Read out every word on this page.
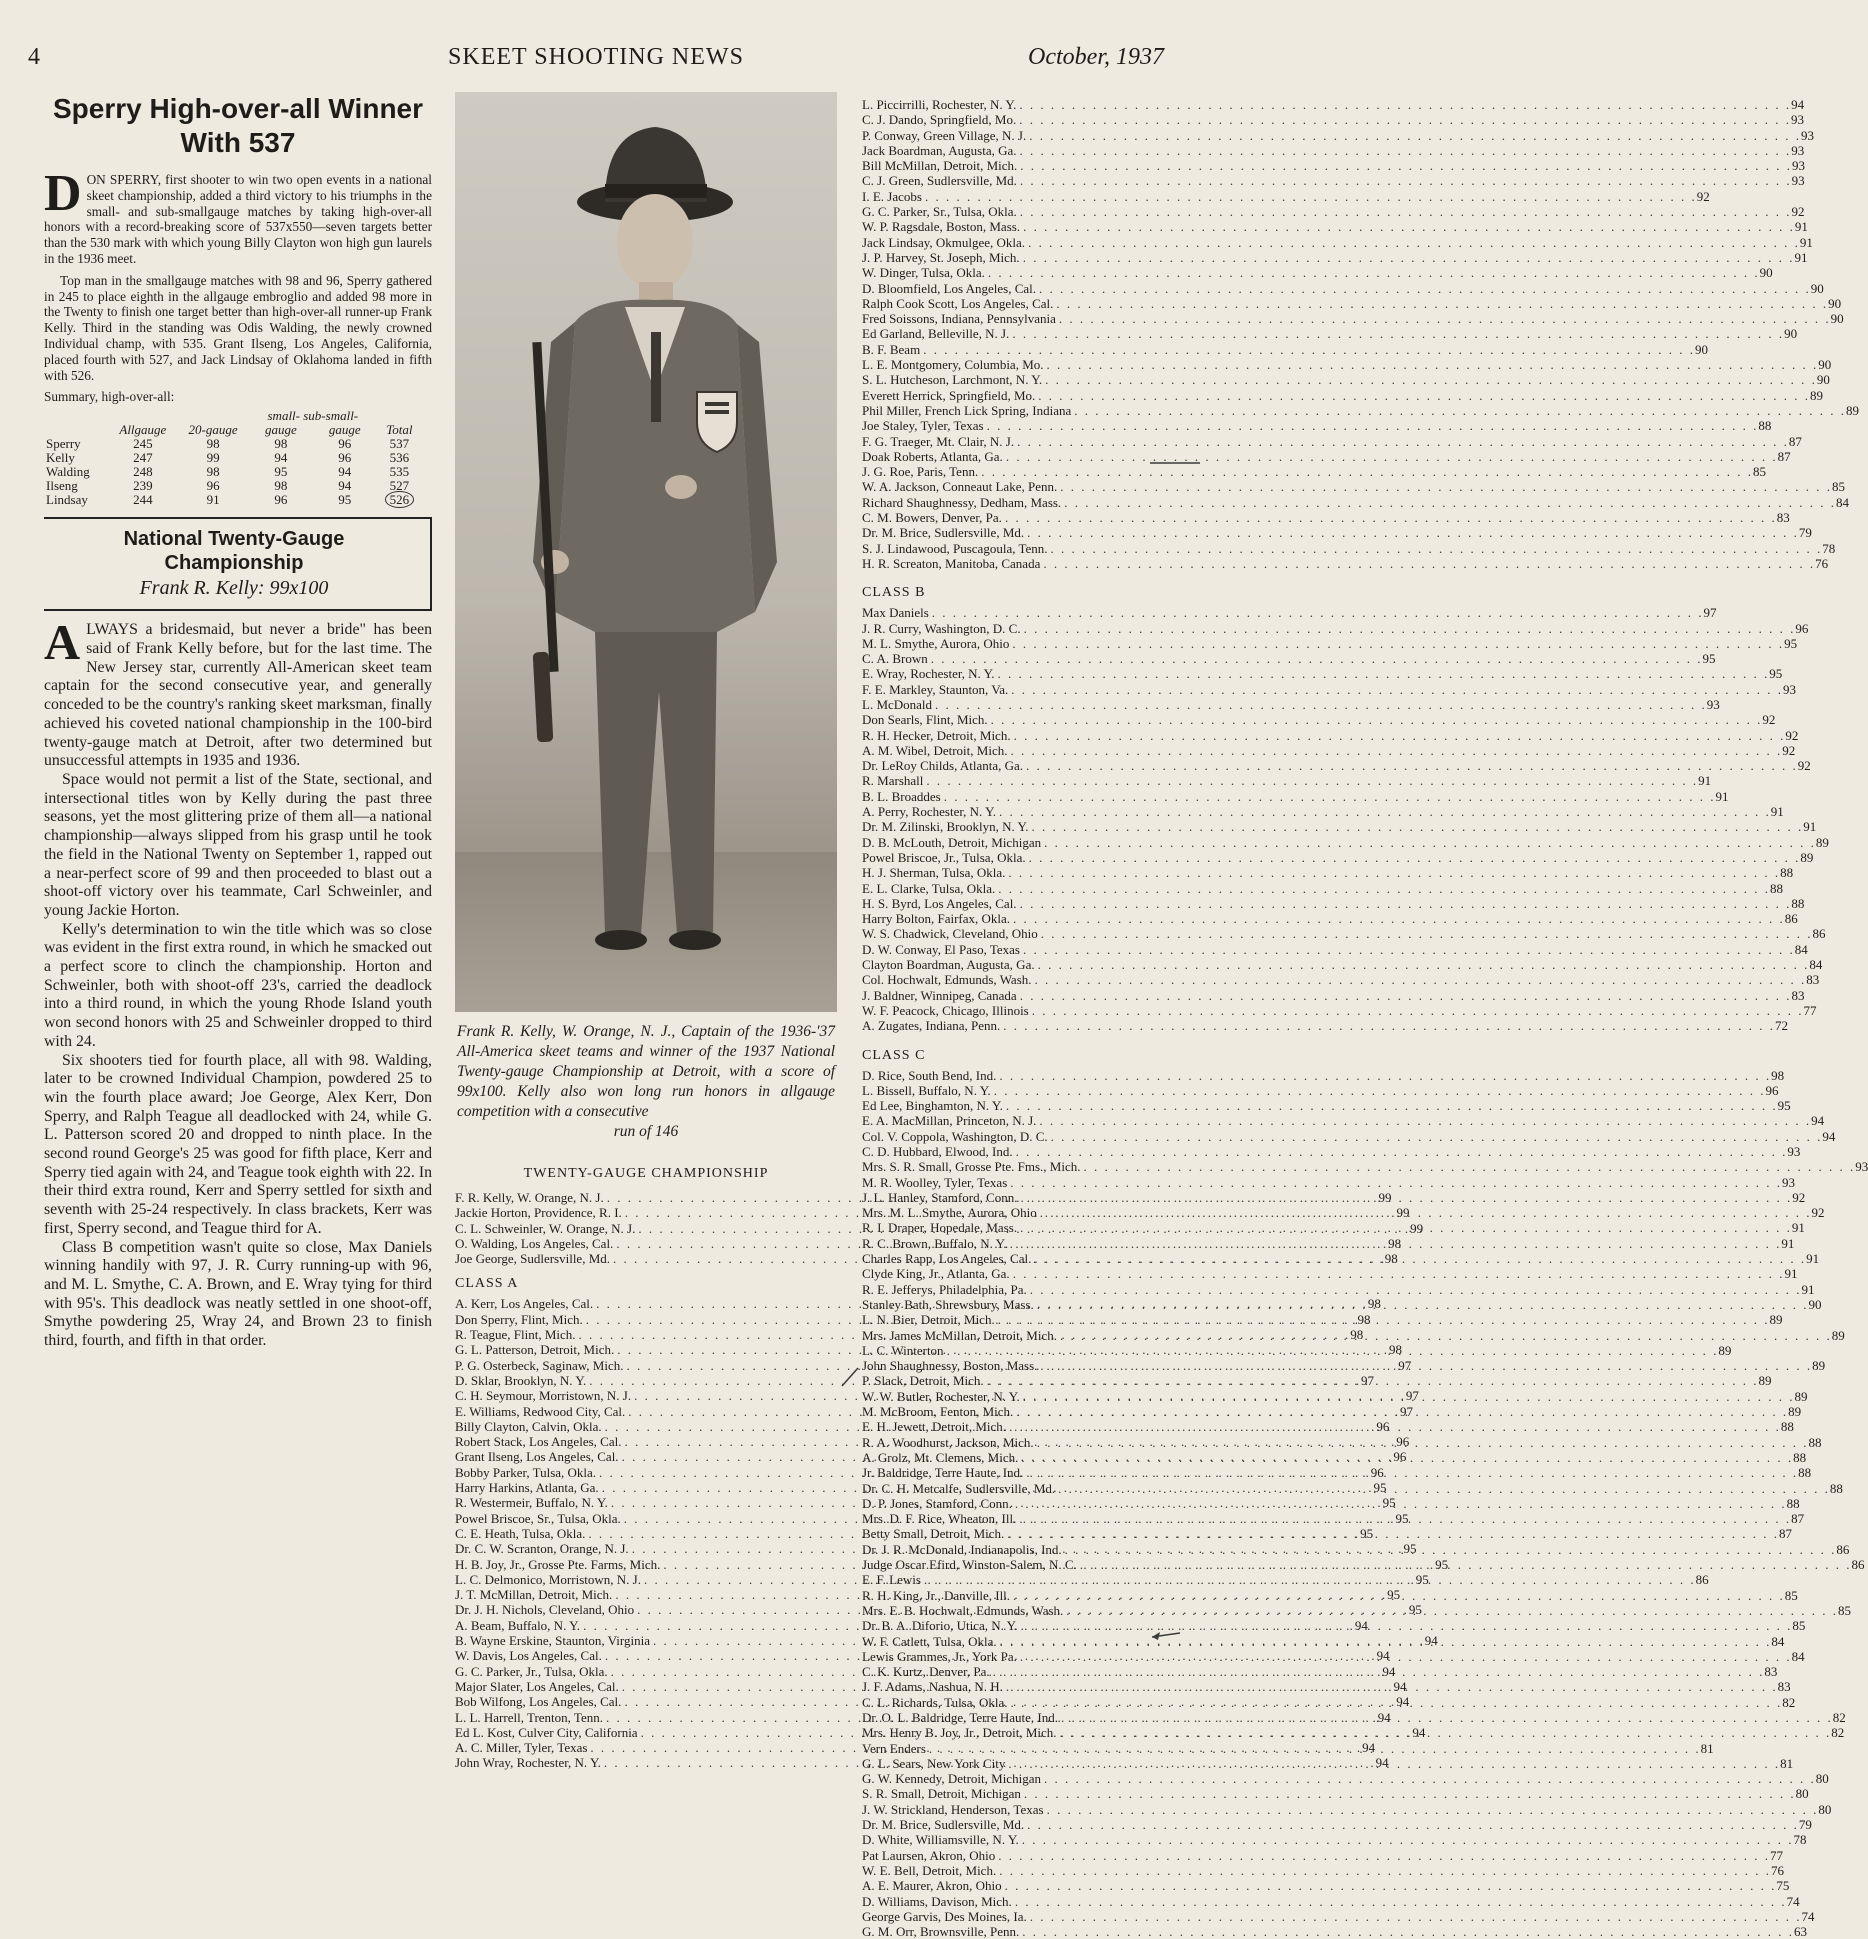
4	SKEET SHOOTING NEWS	October, 1937
Sperry High-over-all Winner
With 537

DON SPERRY, first shooter to win two open events in a national skeet championship, added a third victory to his triumphs in the small- and sub-smallgauge matches by taking high-over-all honors with a record-breaking score of 537x550—seven targets better than the 530 mark with which young Billy Clayton won high gun laurels in the 1936 meet.

Top man in the smallgauge matches with 98 and 96, Sperry gathered in 245 to place eighth in the allgauge embroglio and added 98 more in the Twenty to finish one target better than high-over-all runner-up Frank Kelly. Third in the standing was Odis Walding, the newly crowned Individual champ, with 535. Grant Ilseng, Los Angeles, California, placed fourth with 527, and Jack Lindsay of Oklahoma landed in fifth with 526.

Summary, high-over-all:
			small- sub-small-		
	Allgauge	20-gauge	gauge	gauge	Total
Sperry	245	98	98	96	537
Kelly	247	99	94	96	536
Walding	248	98	95	94	535
Ilseng	239	96	98	94	527
Lindsay	244	91	96	95	526
National Twenty-Gauge
Championship
Frank R. Kelly: 99x100

ALWAYS a bridesmaid, but never a bride" has been said of Frank Kelly before, but for the last time. The New Jersey star, currently All-American skeet team captain for the second consecutive year, and generally conceded to be the country's ranking skeet marksman, finally achieved his coveted national championship in the 100-bird twenty-gauge match at Detroit, after two determined but unsuccessful attempts in 1935 and 1936.

Space would not permit a list of the State, sectional, and intersectional titles won by Kelly during the past three seasons, yet the most glittering prize of them all—a national championship—always slipped from his grasp until he took the field in the National Twenty on September 1, rapped out a near-perfect score of 99 and then proceeded to blast out a shoot-off victory over his teammate, Carl Schweinler, and young Jackie Horton.

Kelly's determination to win the title which was so close was evident in the first extra round, in which he smacked out a perfect score to clinch the championship. Horton and Schweinler, both with shoot-off 23's, carried the deadlock into a third round, in which the young Rhode Island youth won second honors with 25 and Schweinler dropped to third with 24.

Six shooters tied for fourth place, all with 98. Walding, later to be crowned Individual Champion, powdered 25 to win the fourth place award; Joe George, Alex Kerr, Don Sperry, and Ralph Teague all deadlocked with 24, while G. L. Patterson scored 20 and dropped to ninth place. In the second round George's 25 was good for fifth place, Kerr and Sperry tied again with 24, and Teague took eighth with 22. In their third extra round, Kerr and Sperry settled for sixth and seventh with 25-24 respectively. In class brackets, Kerr was first, Sperry second, and Teague third for A.

Class B competition wasn't quite so close, Max Daniels winning handily with 97, J. R. Curry running-up with 96, and M. L. Smythe, C. A. Brown, and E. Wray tying for third with 95's. This deadlock was neatly settled in one shoot-off, Smythe powdering 25, Wray 24, and Brown 23 to finish third, fourth, and fifth in that order.

Frank R. Kelly, W. Orange, N. J., Captain of the 1936-'37 All-America skeet teams and winner of the 1937 National Twenty-gauge Championship at Detroit, with a score of 99x100. Kelly also won long run honors in allgauge competition with a consecutive
run of 146
TWENTY-GAUGE CHAMPIONSHIP
F. R. Kelly, W. Orange, N. J. . . .	99
Jackie Horton, Providence, R. I. . . .	99
C. L. Schweinler, W. Orange, N. J. . . .	99
O. Walding, Los Angeles, Cal. . . .	98
Joe George, Sudlersville, Md. . . .	98
CLASS A
A. Kerr, Los Angeles, Cal. . . .	98
Don Sperry, Flint, Mich. . . .	98
R. Teague, Flint, Mich. . . .	98
G. L. Patterson, Detroit, Mich. . . .	98
P. G. Osterbeck, Saginaw, Mich. . . .	97
D. Sklar, Brooklyn, N. Y. . . .	97
C. H. Seymour, Morristown, N. J. . . .	97
E. Williams, Redwood City, Cal. . . .	97
Billy Clayton, Calvin, Okla. . . .	96
Robert Stack, Los Angeles, Cal. . . .	96
Grant Ilseng, Los Angeles, Cal. . . .	96
Bobby Parker, Tulsa, Okla. . . .	96
Harry Harkins, Atlanta, Ga. . . .	95
R. Westermeir, Buffalo, N. Y. . . .	95
Powel Briscoe, Sr., Tulsa, Okla. . . .	95
C. E. Heath, Tulsa, Okla. . . .	95
Dr. C. W. Scranton, Orange, N. J. . . .	95
H. B. Joy, Jr., Grosse Pte. Farms, Mich. . . .	95
L. C. Delmonico, Morristown, N. J. . . .	95
J. T. McMillan, Detroit, Mich. . . .	95
Dr. J. H. Nichols, Cleveland, Ohio . . .	95
A. Beam, Buffalo, N. Y. . . .	94
B. Wayne Erskine, Staunton, Virginia . . .	94
W. Davis, Los Angeles, Cal. . . .	94
G. C. Parker, Jr., Tulsa, Okla. . . .	94
Major Slater, Los Angeles, Cal. . . .	94
Bob Wilfong, Los Angeles, Cal. . . .	94
L. L. Harrell, Trenton, Tenn. . . .	94
Ed L. Kost, Culver City, California . . .	94
A. C. Miller, Tyler, Texas . . .	94
John Wray, Rochester, N. Y. . . .	94
L. Piccirrilli, Rochester, N. Y. . . .	94
C. J. Dando, Springfield, Mo. . . .	93
P. Conway, Green Village, N. J. . . .	93
Jack Boardman, Augusta, Ga. . . .	93
Bill McMillan, Detroit, Mich. . . .	93
C. J. Green, Sudlersville, Md. . . .	93
I. E. Jacobs . . .	92
G. C. Parker, Sr., Tulsa, Okla. . . .	92
W. P. Ragsdale, Boston, Mass. . . .	91
Jack Lindsay, Okmulgee, Okla. . . .	91
J. P. Harvey, St. Joseph, Mich. . . .	91
W. Dinger, Tulsa, Okla. . . .	90
D. Bloomfield, Los Angeles, Cal. . . .	90
Ralph Cook Scott, Los Angeles, Cal. . . .	90
Fred Soissons, Indiana, Pennsylvania . . .	90
Ed Garland, Belleville, N. J. . . .	90
B. F. Beam . . .	90
L. E. Montgomery, Columbia, Mo. . . .	90
S. L. Hutcheson, Larchmont, N. Y. . . .	90
Everett Herrick, Springfield, Mo. . . .	89
Phil Miller, French Lick Spring, Indiana . . .	89
Joe Staley, Tyler, Texas . . .	88
F. G. Traeger, Mt. Clair, N. J. . . .	87
Doak Roberts, Atlanta, Ga. . . .	87
J. G. Roe, Paris, Tenn. . . .	85
W. A. Jackson, Conneaut Lake, Penn. . . .	85
Richard Shaughnessy, Dedham, Mass. . . .	84
C. M. Bowers, Denver, Pa. . . .	83
Dr. M. Brice, Sudlersville, Md. . . .	79
S. J. Lindawood, Puscagoula, Tenn. . . .	78
H. R. Screaton, Manitoba, Canada . . .	76
CLASS B
Max Daniels . . .	97
J. R. Curry, Washington, D. C. . . .	96
M. L. Smythe, Aurora, Ohio . . .	95
C. A. Brown . . .	95
E. Wray, Rochester, N. Y. . . .	95
F. E. Markley, Staunton, Va. . . .	93
L. McDonald . . .	93
Don Searls, Flint, Mich. . . .	92
R. H. Hecker, Detroit, Mich. . . .	92
A. M. Wibel, Detroit, Mich. . . .	92
Dr. LeRoy Childs, Atlanta, Ga. . . .	92
R. Marshall . . .	91
B. L. Broaddes . . .	91
A. Perry, Rochester, N. Y. . . .	91
Dr. M. Zilinski, Brooklyn, N. Y. . . .	91
D. B. McLouth, Detroit, Michigan . . .	89
Powel Briscoe, Jr., Tulsa, Okla. . . .	89
H. J. Sherman, Tulsa, Okla. . . .	88
E. L. Clarke, Tulsa, Okla. . . .	88
H. S. Byrd, Los Angeles, Cal. . . .	88
Harry Bolton, Fairfax, Okla. . . .	86
W. S. Chadwick, Cleveland, Ohio . . .	86
D. W. Conway, El Paso, Texas . . .	84
Clayton Boardman, Augusta, Ga. . . .	84
Col. Hochwalt, Edmunds, Wash. . . .	83
J. Baldner, Winnipeg, Canada . . .	83
W. F. Peacock, Chicago, Illinois . . .	77
A. Zugates, Indiana, Penn. . . .	72
CLASS C
D. Rice, South Bend, Ind. . . .	98
L. Bissell, Buffalo, N. Y. . . .	96
Ed Lee, Binghamton, N. Y. . . .	95
E. A. MacMillan, Princeton, N. J. . . .	94
Col. V. Coppola, Washington, D. C. . . .	94
C. D. Hubbard, Elwood, Ind. . . .	93
Mrs. S. R. Small, Grosse Pte. Fms., Mich. . . .	93
M. R. Woolley, Tyler, Texas . . .	93
J. L. Hanley, Stamford, Conn. . . .	92
Mrs. M. L. Smythe, Aurora, Ohio . . .	92
R. I. Draper, Hopedale, Mass. . . .	91
R. C. Brown, Buffalo, N. Y. . . .	91
Charles Rapp, Los Angeles, Cal. . . .	91
Clyde King, Jr., Atlanta, Ga. . . .	91
R. E. Jefferys, Philadelphia, Pa. . . .	91
Stanley Bath, Shrewsbury, Mass. . . .	90
L. N. Bier, Detroit, Mich. . . .	89
Mrs. James McMillan, Detroit, Mich. . . .	89
L. C. Winterton . . .	89
John Shaughnessy, Boston, Mass. . . .	89
P. Slack, Detroit, Mich. . . .	89
W. W. Butler, Rochester, N. Y. . . .	89
M. McBroom, Fenton, Mich. . . .	89
E. H. Jewett, Detroit, Mich. . . .	88
R. A. Woodhurst, Jackson, Mich. . . .	88
A. Grolz, Mt. Clemens, Mich. . . .	88
Jr. Baldridge, Terre Haute, Ind. . . .	88
Dr. C. H. Metcalfe, Sudlersville, Md. . . .	88
D. P. Jones, Stamford, Conn. . . .	88
Mrs. D. F. Rice, Wheaton, Ill. . . .	87
Betty Small, Detroit, Mich. . . .	87
Dr. J. R. McDonald, Indianapolis, Ind. . . .	86
Judge Oscar Efird, Winston-Salem, N. C. . . .	86
E. F. Lewis . . .	86
R. H. King, Jr., Danville, Ill. . . .	85
Mrs. E. B. Hochwalt, Edmunds, Wash. . . .	85
Dr. B. A. Diforio, Utica, N. Y. . . .	85
W. F. Catlett, Tulsa, Okla. . . .	84
Lewis Grammes, Jr., York Pa. . . .	84
C. K. Kurtz, Denver, Pa. . . .	83
J. F. Adams, Nashua, N. H. . . .	83
C. L. Richards, Tulsa, Okla. . . .	82
Dr. O. L. Baldridge, Terre Haute, Ind. . . .	82
Mrs. Henry B. Joy, Jr., Detroit, Mich. . . .	82
Vern Enders . . .	81
G. L. Sears, New York City . . .	81
G. W. Kennedy, Detroit, Michigan . . .	80
S. R. Small, Detroit, Michigan . . .	80
J. W. Strickland, Henderson, Texas . . .	80
Dr. M. Brice, Sudlersville, Md. . . .	79
D. White, Williamsville, N. Y. . . .	78
Pat Laursen, Akron, Ohio . . .	77
W. E. Bell, Detroit, Mich. . . .	76
A. E. Maurer, Akron, Ohio . . .	75
D. Williams, Davison, Mich. . . .	74
George Garvis, Des Moines, Ia. . . .	74
G. M. Orr, Brownsville, Penn. . . .	63
